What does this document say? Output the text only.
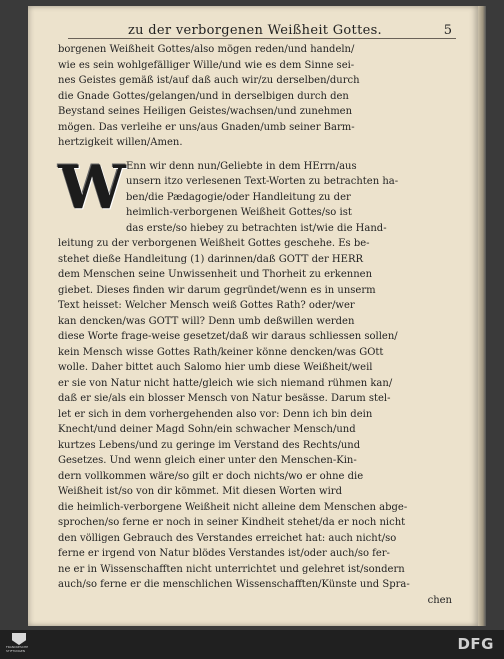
zu der verborgenen Weißheit Gottes.	5
borgenen Weißheit Gottes/also mögen reden/und handeln/
wie es sein wohlgefälliger Wille/und wie es dem Sinne sei-
nes Geistes gemäß ist/auf daß auch wir/zu derselben/durch
die Gnade Gottes/gelangen/und in derselbigen durch den
Beystand seines Heiligen Geistes/wachsen/und zunehmen
mögen. Das verleihe er uns/aus Gnaden/umb seiner Barm-
hertzigkeit willen/Amen.
W Enn wir denn nun/Geliebte in dem HErrn/aus
unsern itzo verlesenen Text-Worten zu betrachten ha-
ben/die Pædagogie/oder Handleitung zu der
heimlich-verborgenen Weißheit Gottes/so ist
das erste/so hiebey zu betrachten ist/wie die Hand-
leitung zu der verborgenen Weißheit Gottes geschehe. Es be-
stehet dieße Handleitung (1) darinnen/daß GOTT der HERR
dem Menschen seine Unwissenheit und Thorheit zu erkennen
giebet. Dieses finden wir darum gegründet/wenn es in unserm
Text heisset: Welcher Mensch weiß Gottes Rath? oder/wer
kan dencken/was GOTT will? Denn umb deßwillen werden
diese Worte frage-weise gesetzet/daß wir daraus schliessen sollen/
kein Mensch wisse Gottes Rath/keiner könne dencken/was GOtt
wolle. Daher bittet auch Salomo hier umb diese Weißheit/weil
er sie von Natur nicht hatte/gleich wie sich niemand rühmen kan/
daß er sie/als ein blosser Mensch von Natur besässe. Darum stel-
let er sich in dem vorhergehenden also vor: Denn ich bin dein
Knecht/und deiner Magd Sohn/ein schwacher Mensch/und
kurtzes Lebens/und zu geringe im Verstand des Rechts/und
Gesetzes. Und wenn gleich einer unter den Menschen-Kin-
dern vollkommen wäre/so gilt er doch nichts/wo er ohne die
Weißheit ist/so von dir kömmet. Mit diesen Worten wird
die heimlich-verborgene Weißheit nicht alleine dem Menschen abge-
sprochen/so ferne er noch in seiner Kindheit stehet/da er noch nicht
den völligen Gebrauch des Verstandes erreichet hat: auch nicht/so
ferne er irgend von Natur blödes Verstandes ist/oder auch/so fer-
ne er in Wissenschafften nicht unterrichtet und gelehret ist/sondern
auch/so ferne er die menschlichen Wissenschafften/Künste und Spra-
chen
FRANCKESCHE STIFTUNGEN	DFG
